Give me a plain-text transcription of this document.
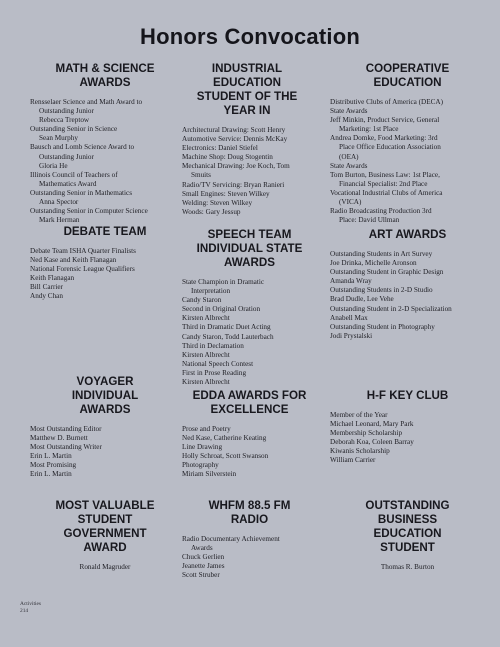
Honors Convocation
MATH & SCIENCE
AWARDS
Rensselaer Science and Math Award to
Outstanding Junior
Rebecca Treptow
Outstanding Senior in Science
Sean Murphy
Bausch and Lomb Science Award to
Outstanding Junior
Gloria He
Illinois Council of Teachers of
Mathematics Award
Outstanding Senior in Mathematics
Anna Spector
Outstanding Senior in Computer Science
Mark Herman
INDUSTRIAL
EDUCATION
STUDENT OF THE
YEAR IN
Architectural Drawing: Scott Henry
Automotive Service: Dennis McKay
Electronics: Daniel Stiefel
Machine Shop: Doug Stogentin
Mechanical Drawing: Joe Koch, Tom
Smuits
Radio/TV Servicing: Bryan Ranieri
Small Engines: Steven Wilkey
Welding: Steven Wilkey
Woods: Gary Jessup
COOPERATIVE
EDUCATION
Distributive Clubs of America (DECA)
State Awards
Jeff Minkin, Product Service, General
Marketing: 1st Place
Andrea Domke, Food Marketing: 3rd
Place Office Education Association
(OEA)
State Awards
Tom Burton, Business Law: 1st Place,
Financial Specialist: 2nd Place
Vocational Industrial Clubs of America
(VICA)
Radio Broadcasting Production 3rd
Place: David Ullman
DEBATE TEAM
Debate Team ISHA Quarter Finalists
Ned Kase and Keith Flanagan
National Forensic League Qualifiers
Keith Flanagan
Bill Carrier
Andy Chan
SPEECH TEAM
INDIVIDUAL STATE
AWARDS
State Champion in Dramatic
Interpretation
Candy Staron
Second in Original Oration
Kirsten Albrecht
Third in Dramatic Duet Acting
Candy Staron, Todd Lauterbach
Third in Declamation
Kirsten Albrecht
National Speech Contest
First in Prose Reading
Kirsten Albrecht
ART AWARDS
Outstanding Students in Art Survey
Joe Drinka, Michelle Aronson
Outstanding Student in Graphic Design
Amanda Wray
Outstanding Students in 2-D Studio
Brad Dudle, Lee Vehe
Outstanding Student in 2-D Specialization
Anabell Max
Outstanding Student in Photography
Jodi Prystalski
VOYAGER
INDIVIDUAL
AWARDS
Most Outstanding Editor
Matthew D. Burnett
Most Outstanding Writer
Erin L. Martin
Most Promising
Erin L. Martin
EDDA AWARDS FOR
EXCELLENCE
Prose and Poetry
Ned Kase, Catherine Keating
Line Drawing
Holly Schroat, Scott Swanson
Photography
Miriam Silverstein
H-F KEY CLUB
Member of the Year
Michael Leonard, Mary Park
Membership Scholarship
Deborah Koa, Coleen Barray
Kiwanis Scholarship
William Carrier
MOST VALUABLE
STUDENT
GOVERNMENT
AWARD
Ronald Magruder
WHFM 88.5 FM
RADIO
Radio Documentary Achievement
Awards
Chuck Gerlien
Jeanette James
Scott Struber
OUTSTANDING
BUSINESS
EDUCATION
STUDENT
Thomas R. Burton
Activities
214
